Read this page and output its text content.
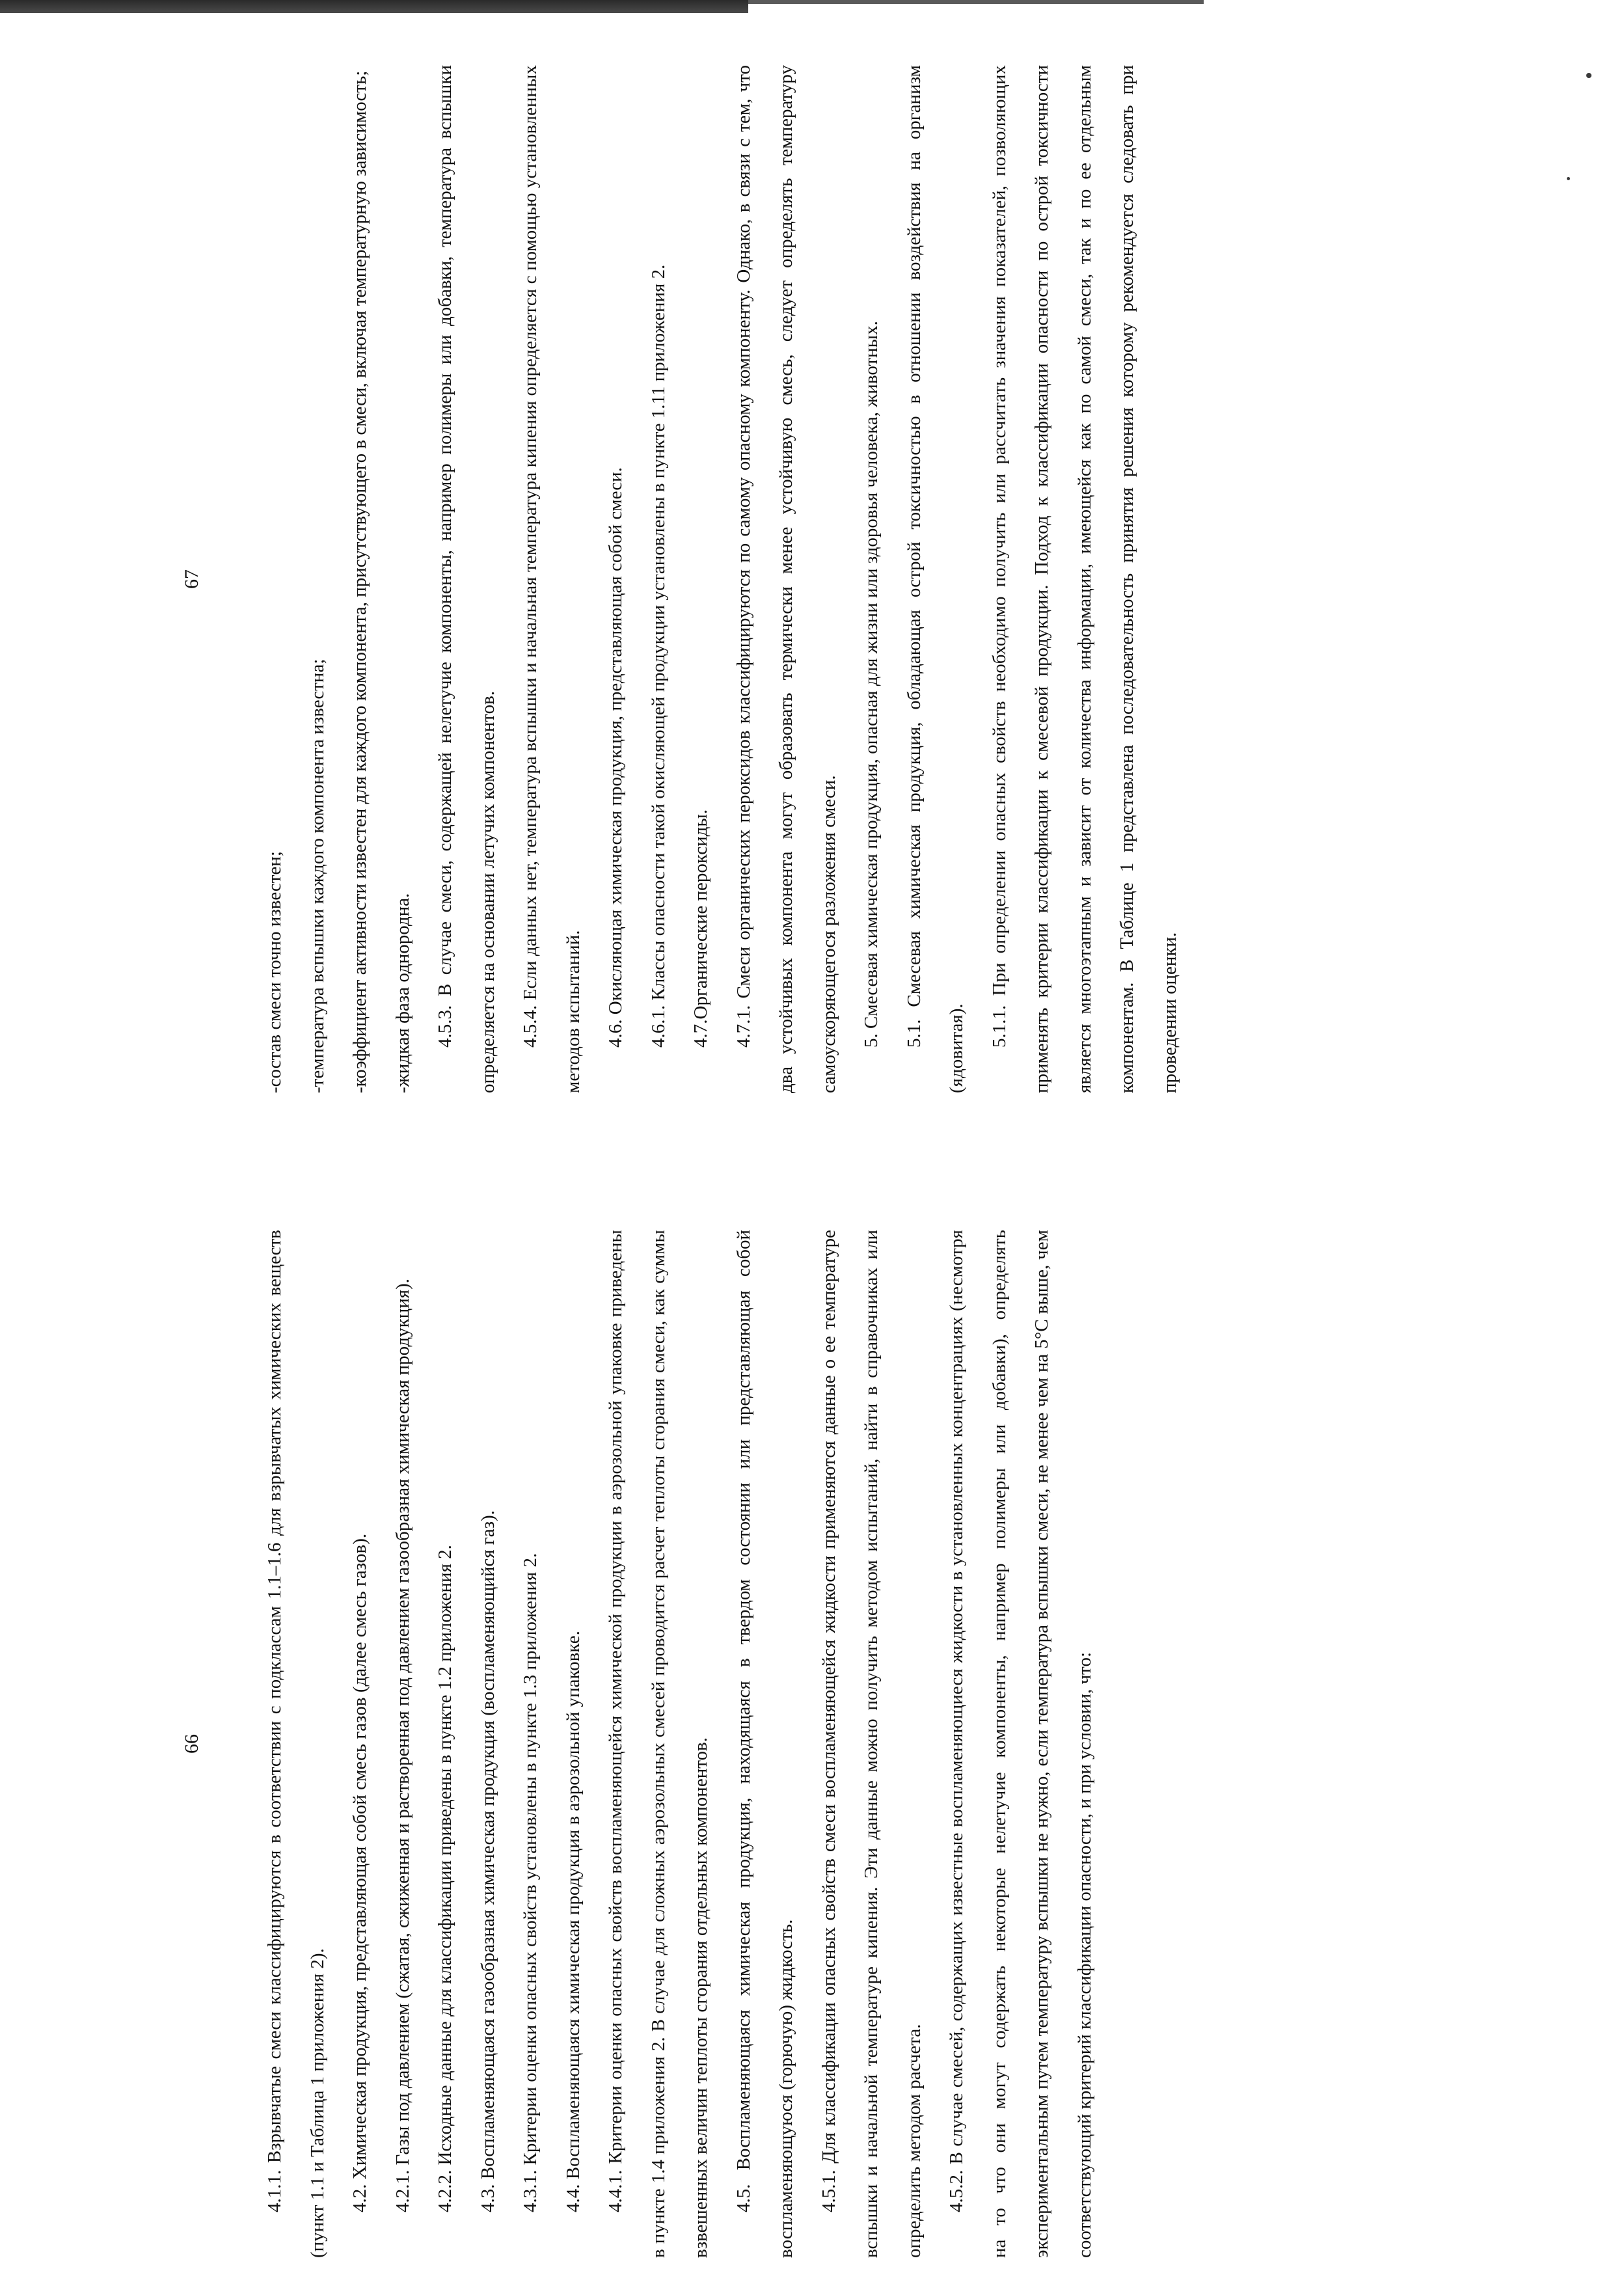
67

-состав смеси точно известен;	-температура вспышки каждого компонента известна;	-коэффициент активности известен для каждого компонента, присутствующего в смеси, включая температурную зависимость;	-жидкая фаза однородна.	4.5.3. В случае смеси, содержащей нелетучие компоненты, например полимеры или добавки, температура вспышки определяется на основании летучих компонентов.	4.5.4. Если данных нет, температура вспышки и начальная температура кипения определяется с помощью установленных методов испытаний.	4.6. Окисляющая химическая продукция, представляющая собой смеси.	4.6.1. Классы опасности такой окисляющей продукции установлены в пункте 1.11 приложения 2.	4.7.Органические пероксиды.	4.7.1. Смеси органических пероксидов классифицируются по самому опасному компоненту. Однако, в связи с тем, что два устойчивых компонента могут образовать термически менее устойчивую смесь, следует определять температуру самоускоряющегося разложения смеси.	5. Смесевая химическая продукция, опасная для жизни или здоровья человека, животных.	5.1. Смесевая химическая продукция, обладающая острой токсичностью в отношении воздействия на организм (ядовитая).

5.1.1. При определении опасных свойств необходимо получить или рассчитать значения показателей, позволяющих применять критерии классификации к смесевой продукции. Подход к классификации опасности по острой токсичности является многоэтапным и зависит от количества информации, имеющейся как по самой смеси, так и по ее отдельным компонентам. В Таблице 1 представлена последовательность принятия решения которому рекомендуется следовать при проведении оценки.

66	4.1.1. Взрывчатые смеси классифицируются в соответствии с подклассам 1.1–1.6 для взрывчатых химических веществ (пункт 1.1 и Таблица 1 приложения 2).	4.2. Химическая продукция, представляющая собой смесь газов (далее смесь газов).	4.2.1. Газы под давлением (сжатая, сжиженная и растворенная под давлением газообразная химическая продукция).	4.2.2. Исходные данные для классификации приведены в пункте 1.2 приложения 2.	4.3. Воспламеняющаяся газообразная химическая продукция (воспламеняющийся газ).	4.3.1. Критерии оценки опасных свойств установлены в пункте 1.3 приложения 2.	4.4. Воспламеняющаяся химическая продукция в аэрозольной упаковке.	4.4.1. Критерии оценки опасных свойств воспламеняющейся химической продукции в аэрозольной упаковке приведены в пункте 1.4 приложения 2. В случае для сложных аэрозольных смесей проводится расчет теплоты сгорания смеси, как суммы взвешенных величин теплоты сгорания отдельных компонентов.	4.5. Воспламеняющаяся химическая продукция, находящаяся в твердом состоянии или представляющая собой воспламеняющуюся (горючую) жидкость.	4.5.1. Для классификации опасных свойств смеси воспламеняющейся жидкости применяются данные о ее температуре вспышки и начальной температуре кипения. Эти данные можно получить методом испытаний, найти в справочниках или определить методом расчета.	4.5.2. В случае смесей, содержащих известные воспламеняющиеся жидкости в установленных концентрациях (несмотря на то что они могут содержать некоторые нелетучие компоненты, например полимеры или добавки), определять экспериментальным путем температуру вспышки не нужно, если температура вспышки смеси, не менее чем на 5°С выше, чем соответствующий критерий классификации опасности, и при условии, что:
